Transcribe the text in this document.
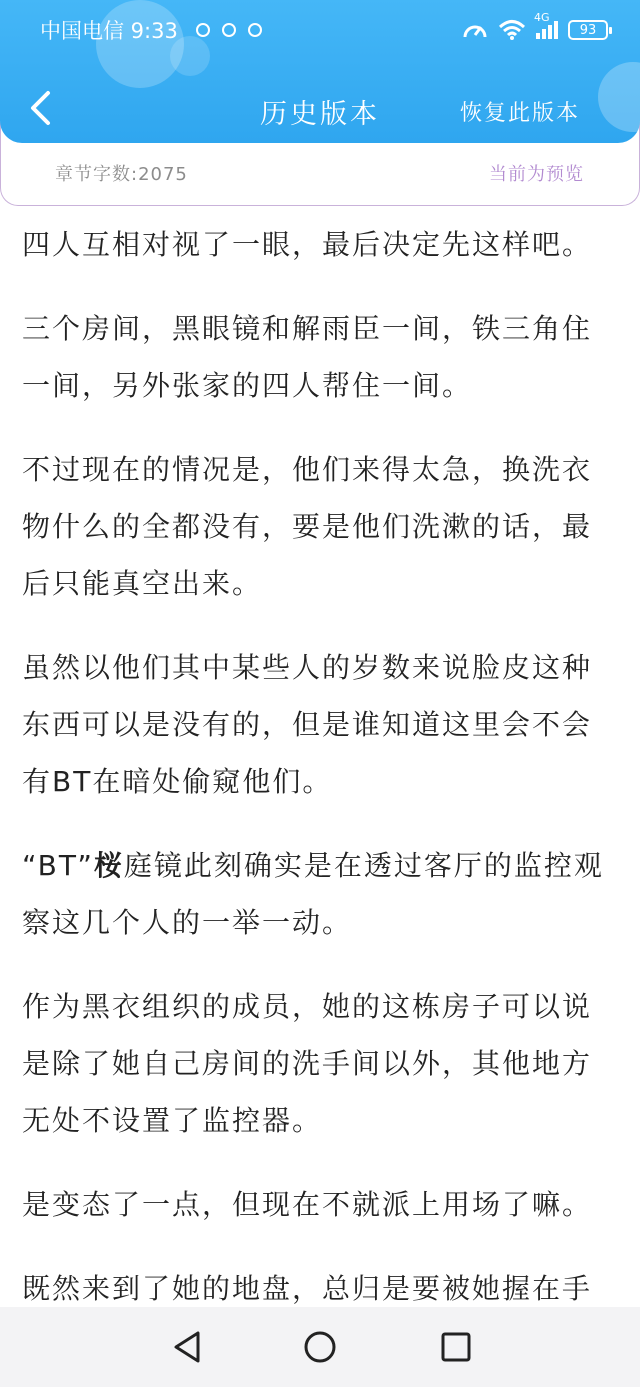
中国电信 9:33
4G
93
历史版本	恢复此版本
章节字数:2075	当前为预览

四人互相对视了一眼，最后决定先这样吧。

三个房间，黑眼镜和解雨臣一间，铁三角住一间，另外张家的四人帮住一间。

不过现在的情况是，他们来得太急，换洗衣物什么的全都没有，要是他们洗漱的话，最后只能真空出来。

虽然以他们其中某些人的岁数来说脸皮这种东西可以是没有的，但是谁知道这里会不会有BT在暗处偷窥他们。

“BT”桜庭镜此刻确实是在透过客厅的监控观察这几个人的一举一动。

作为黑衣组织的成员，她的这栋房子可以说是除了她自己房间的洗手间以外，其他地方无处不设置了监控器。

是变态了一点，但现在不就派上用场了嘛。

既然来到了她的地盘，总归是要被她握在手
